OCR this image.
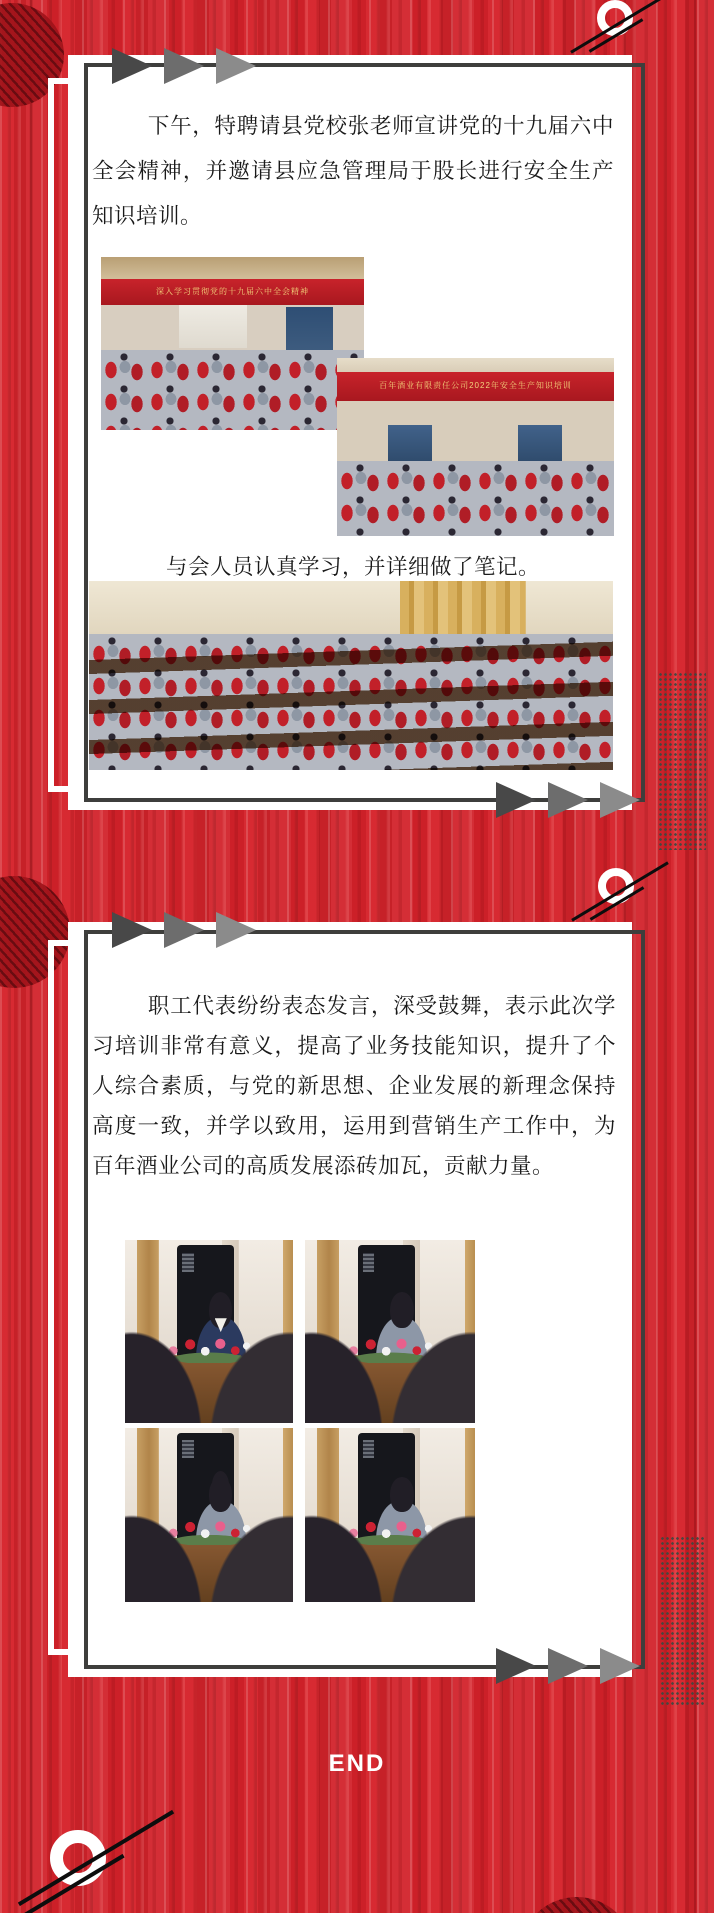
下午，特聘请县党校张老师宣讲党的十九届六中全会精神，并邀请县应急管理局于股长进行安全生产知识培训。
深入学习贯彻党的十九届六中全会精神
百年酒业有限责任公司2022年安全生产知识培训
与会人员认真学习，并详细做了笔记。
职工代表纷纷表态发言，深受鼓舞，表示此次学习培训非常有意义，提高了业务技能知识，提升了个人综合素质，与党的新思想、企业发展的新理念保持高度一致，并学以致用，运用到营销生产工作中，为百年酒业公司的高质发展添砖加瓦，贡献力量。
END
